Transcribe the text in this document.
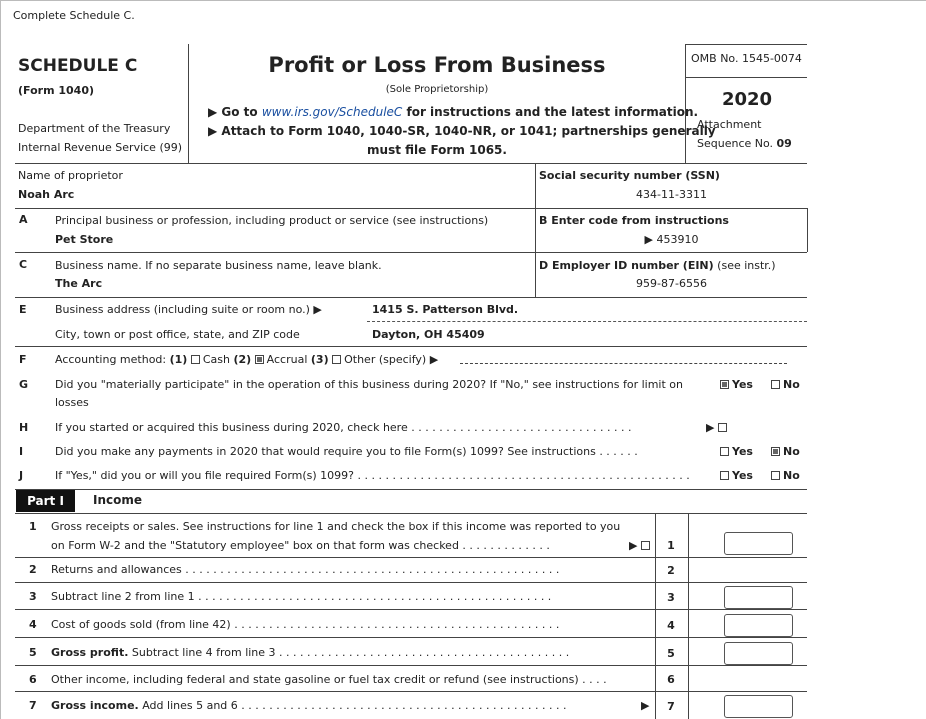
Complete Schedule C.
SCHEDULE C
(Form 1040)
Department of the Treasury
Internal Revenue Service (99)
Profit or Loss From Business
(Sole Proprietorship)
▶ Go to www.irs.gov/ScheduleC for instructions and the latest information.
▶ Attach to Form 1040, 1040-SR, 1040-NR, or 1041; partnerships generally
must file Form 1065.
OMB No. 1545-0074
2020
Attachment
Sequence No. 09
Name of proprietor
Noah Arc
Social security number (SSN)
434-11-3311
A Principal business or profession, including product or service (see instructions)
Pet Store
B Enter code from instructions
▶ 453910
C	Business name. If no separate business name, leave blank.
The Arc
D Employer ID number (EIN) (see instr.)
959-87-6556
E	Business address (including suite or room no.) ▶	1415 S. Patterson Blvd.
City, town or post office, state, and ZIP code	Dayton, OH 45409
F	Accounting method: (1) Cash (2) Accrual (3) Other (specify) ▶
G Did you "materially participate" in the operation of this business during 2020? If "No," see instructions for limit on
losses
Yes	No
H If you started or acquired this business during 2020, check here . . . . . . . . . . . . . . . . . . . . . . . . . . . . . . . .	▶
I	Did you make any payments in 2020 that would require you to file Form(s) 1099? See instructions . . . . . .	Yes	No
J	If "Yes," did you or will you file required Form(s) 1099? . . . . . . . . . . . . . . . . . . . . . . . . . . . . . . . . . . . . . . . . . . . . . . . .	Yes	No
Part I	Income
1 Gross receipts or sales. See instructions for line 1 and check the box if this income was reported to you
on Form W-2 and the "Statutory employee" box on that form was checked . . . . . . . . . . . . .	▶	1
2 Returns and allowances . . . . . . . . . . . . . . . . . . . . . . . . . . . . . . . . . . . . . . . . . . . . . . . . . . . . . .	2
3 Subtract line 2 from line 1 . . . . . . . . . . . . . . . . . . . . . . . . . . . . . . . . . . . . . . . . . . . . . . . . . . .	3
4 Cost of goods sold (from line 42) . . . . . . . . . . . . . . . . . . . . . . . . . . . . . . . . . . . . . . . . . . . . . . .	4
5 Gross profit. Subtract line 4 from line 3 . . . . . . . . . . . . . . . . . . . . . . . . . . . . . . . . . . . . . . . . . .	5
6 Other income, including federal and state gasoline or fuel tax credit or refund (see instructions) . . . .	6
7 Gross income. Add lines 5 and 6 . . . . . . . . . . . . . . . . . . . . . . . . . . . . . . . . . . . . . . . . . . . . . . .	▶	7
